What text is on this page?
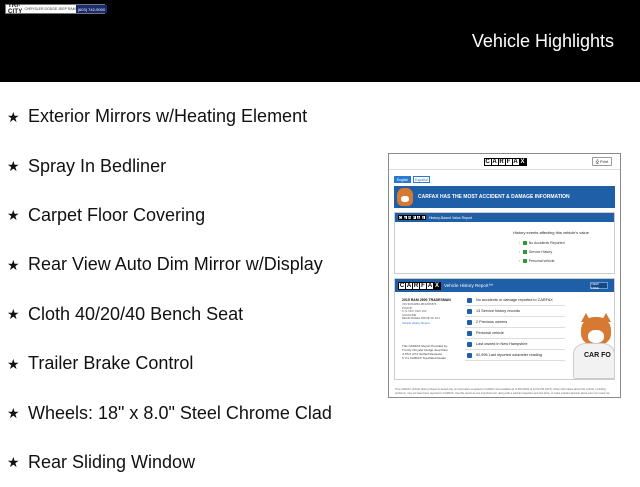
TRI-CITY CHRYSLER DODGE JEEP RAM (603) 742-9000
Vehicle Highlights
★ Exterior Mirrors w/Heating Element
★ Spray In Bedliner
★ Carpet Floor Covering
★ Rear View Auto Dim Mirror w/Display
★ Cloth 40/20/40 Bench Seat
★ Trailer Brake Control
★ Wheels: 18" x 8.0" Steel Chrome Clad
★ Rear Sliding Window
C A R F A X	⎙ Print
English	Español
CARFAX HAS THE MOST ACCIDENT & DAMAGE INFORMATION
C A R F A X	History-Based Value Report
History events affecting this vehicle's value
↑ No Accidents Reported
↑ Service History
↑ Personal vehicle
C A R F A X	Vehicle History Report™	VIEW FREE
2015 RAM 2500 TRADESMAN
VIN 3C6UR5CJ8FG655873
PICKUP
5.7L V8 F OHV 16V
GASOLINE
REAR WHEEL DRIVE W/ 4X4
Vehicle History Report
This CARFAX Report Provided by:
Tri-City Chrysler Dodge Jeep Ram
4.7/5.0 (272 Verified Reviews)
5 Yrs CARFAX Top-Rated Dealer
No accidents or damage reported to CARFAX
13 Service history records
2 Previous owners
Personal vehicle
Last owned in New Hampshire
92,996 Last reported odometer reading	CAR FO
This CARFAX Vehicle History Report is based only on information supplied to CARFAX and available as of 8/12/2024 at 10:00 PM (CDT). Other information about this vehicle, including problems, may not have been reported to CARFAX. Use this report as one important tool, along with a vehicle inspection and test drive, to make a better decision about your next used car.
